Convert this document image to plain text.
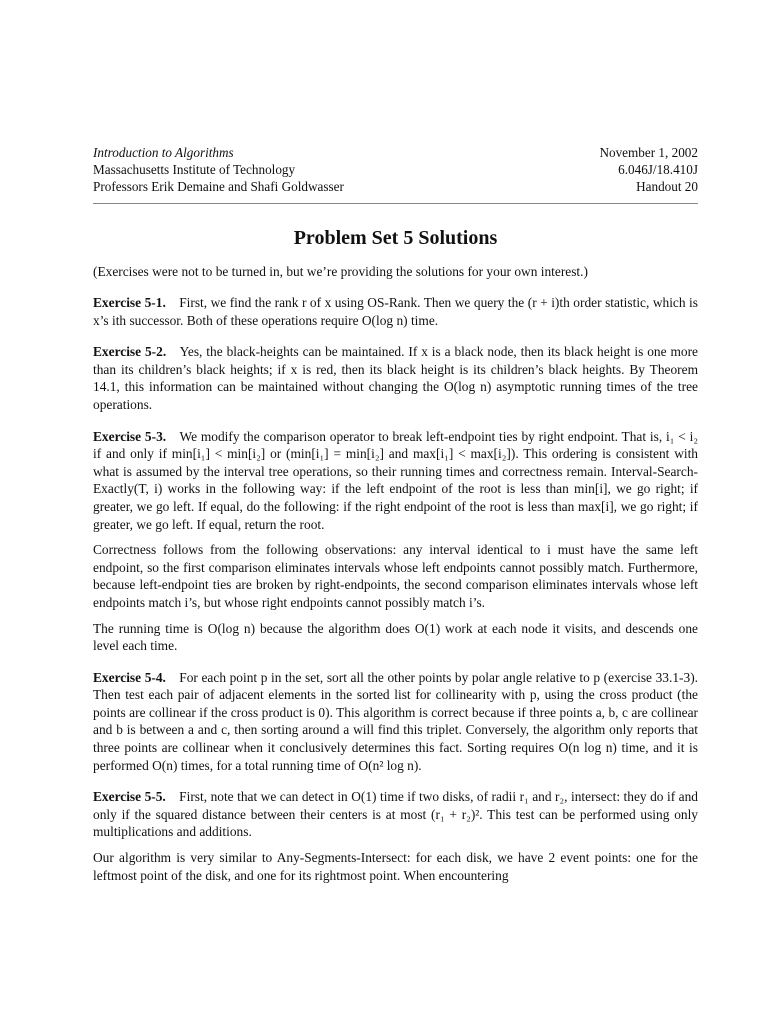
Introduction to Algorithms
Massachusetts Institute of Technology
Professors Erik Demaine and Shafi Goldwasser
November 1, 2002
6.046J/18.410J
Handout 20
Problem Set 5 Solutions

(Exercises were not to be turned in, but we’re providing the solutions for your own interest.)

Exercise 5-1.  First, we find the rank r of x using OS-Rank. Then we query the (r + i)th order statistic, which is x’s ith successor. Both of these operations require O(log n) time.

Exercise 5-2.  Yes, the black-heights can be maintained. If x is a black node, then its black height is one more than its children’s black heights; if x is red, then its black height is its children’s black heights. By Theorem 14.1, this information can be maintained without changing the O(log n) asymptotic running times of the tree operations.

Exercise 5-3.  We modify the comparison operator to break left-endpoint ties by right endpoint. That is, i₁ < i₂ if and only if min[i₁] < min[i₂] or (min[i₁] = min[i₂] and max[i₁] < max[i₂]). This ordering is consistent with what is assumed by the interval tree operations, so their running times and correctness remain. Interval-Search-Exactly(T, i) works in the following way: if the left endpoint of the root is less than min[i], we go right; if greater, we go left. If equal, do the following: if the right endpoint of the root is less than max[i], we go right; if greater, we go left. If equal, return the root.

Correctness follows from the following observations: any interval identical to i must have the same left endpoint, so the first comparison eliminates intervals whose left endpoints cannot possibly match. Furthermore, because left-endpoint ties are broken by right-endpoints, the second comparison eliminates intervals whose left endpoints match i’s, but whose right endpoints cannot possibly match i’s.

The running time is O(log n) because the algorithm does O(1) work at each node it visits, and descends one level each time.

Exercise 5-4.  For each point p in the set, sort all the other points by polar angle relative to p (exercise 33.1-3). Then test each pair of adjacent elements in the sorted list for collinearity with p, using the cross product (the points are collinear if the cross product is 0). This algorithm is correct because if three points a, b, c are collinear and b is between a and c, then sorting around a will find this triplet. Conversely, the algorithm only reports that three points are collinear when it conclusively determines this fact. Sorting requires O(n log n) time, and it is performed O(n) times, for a total running time of O(n² log n).

Exercise 5-5.  First, note that we can detect in O(1) time if two disks, of radii r₁ and r₂, intersect: they do if and only if the squared distance between their centers is at most (r₁ + r₂)². This test can be performed using only multiplications and additions.

Our algorithm is very similar to Any-Segments-Intersect: for each disk, we have 2 event points: one for the leftmost point of the disk, and one for its rightmost point. When encountering
